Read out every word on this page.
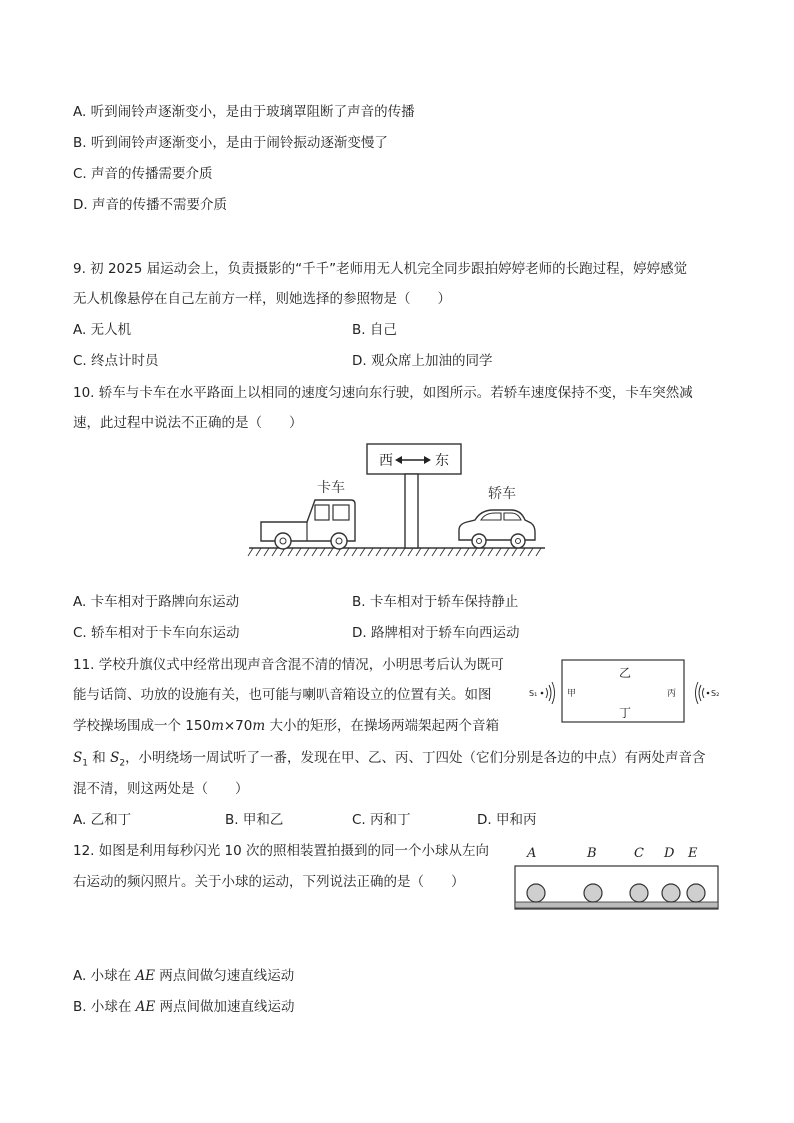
A. 听到闹铃声逐渐变小，是由于玻璃罩阻断了声音的传播
B. 听到闹铃声逐渐变小，是由于闹铃振动逐渐变慢了
C. 声音的传播需要介质
D. 声音的传播不需要介质
9. 初 2025 届运动会上，负责摄影的“千千”老师用无人机完全同步跟拍婷婷老师的长跑过程，婷婷感觉
无人机像悬停在自己左前方一样，则她选择的参照物是（　　）
A. 无人机	B. 自己
C. 终点计时员	D. 观众席上加油的同学
10. 轿车与卡车在水平路面上以相同的速度匀速向东行驶，如图所示。若轿车速度保持不变，卡车突然减
速，此过程中说法不正确的是（　　）
西	东
卡车	轿车
A. 卡车相对于路牌向东运动	B. 卡车相对于轿车保持静止
C. 轿车相对于卡车向东运动	D. 路牌相对于轿车向西运动
11. 学校升旗仪式中经常出现声音含混不清的情况，小明思考后认为既可
能与话筒、功放的设施有关，也可能与喇叭音箱设立的位置有关。如图
学校操场围成一个 150m×70m 大小的矩形，在操场两端架起两个音箱
$S_1$ 和 $S_2$，小明绕场一周试听了一番，发现在甲、乙、丙、丁四处（它们分别是各边的中点）有两处声音含
混不清，则这两处是（　　）
乙
丁
甲	丙
S₁	S₂
A. 乙和丁	B. 甲和乙	C. 丙和丁	D. 甲和丙
12. 如图是利用每秒闪光 10 次的照相装置拍摄到的同一个小球从左向
右运动的频闪照片。关于小球的运动，下列说法正确的是（　　）
A	B	C D E
A. 小球在 AE 两点间做匀速直线运动
B. 小球在 AE 两点间做加速直线运动
